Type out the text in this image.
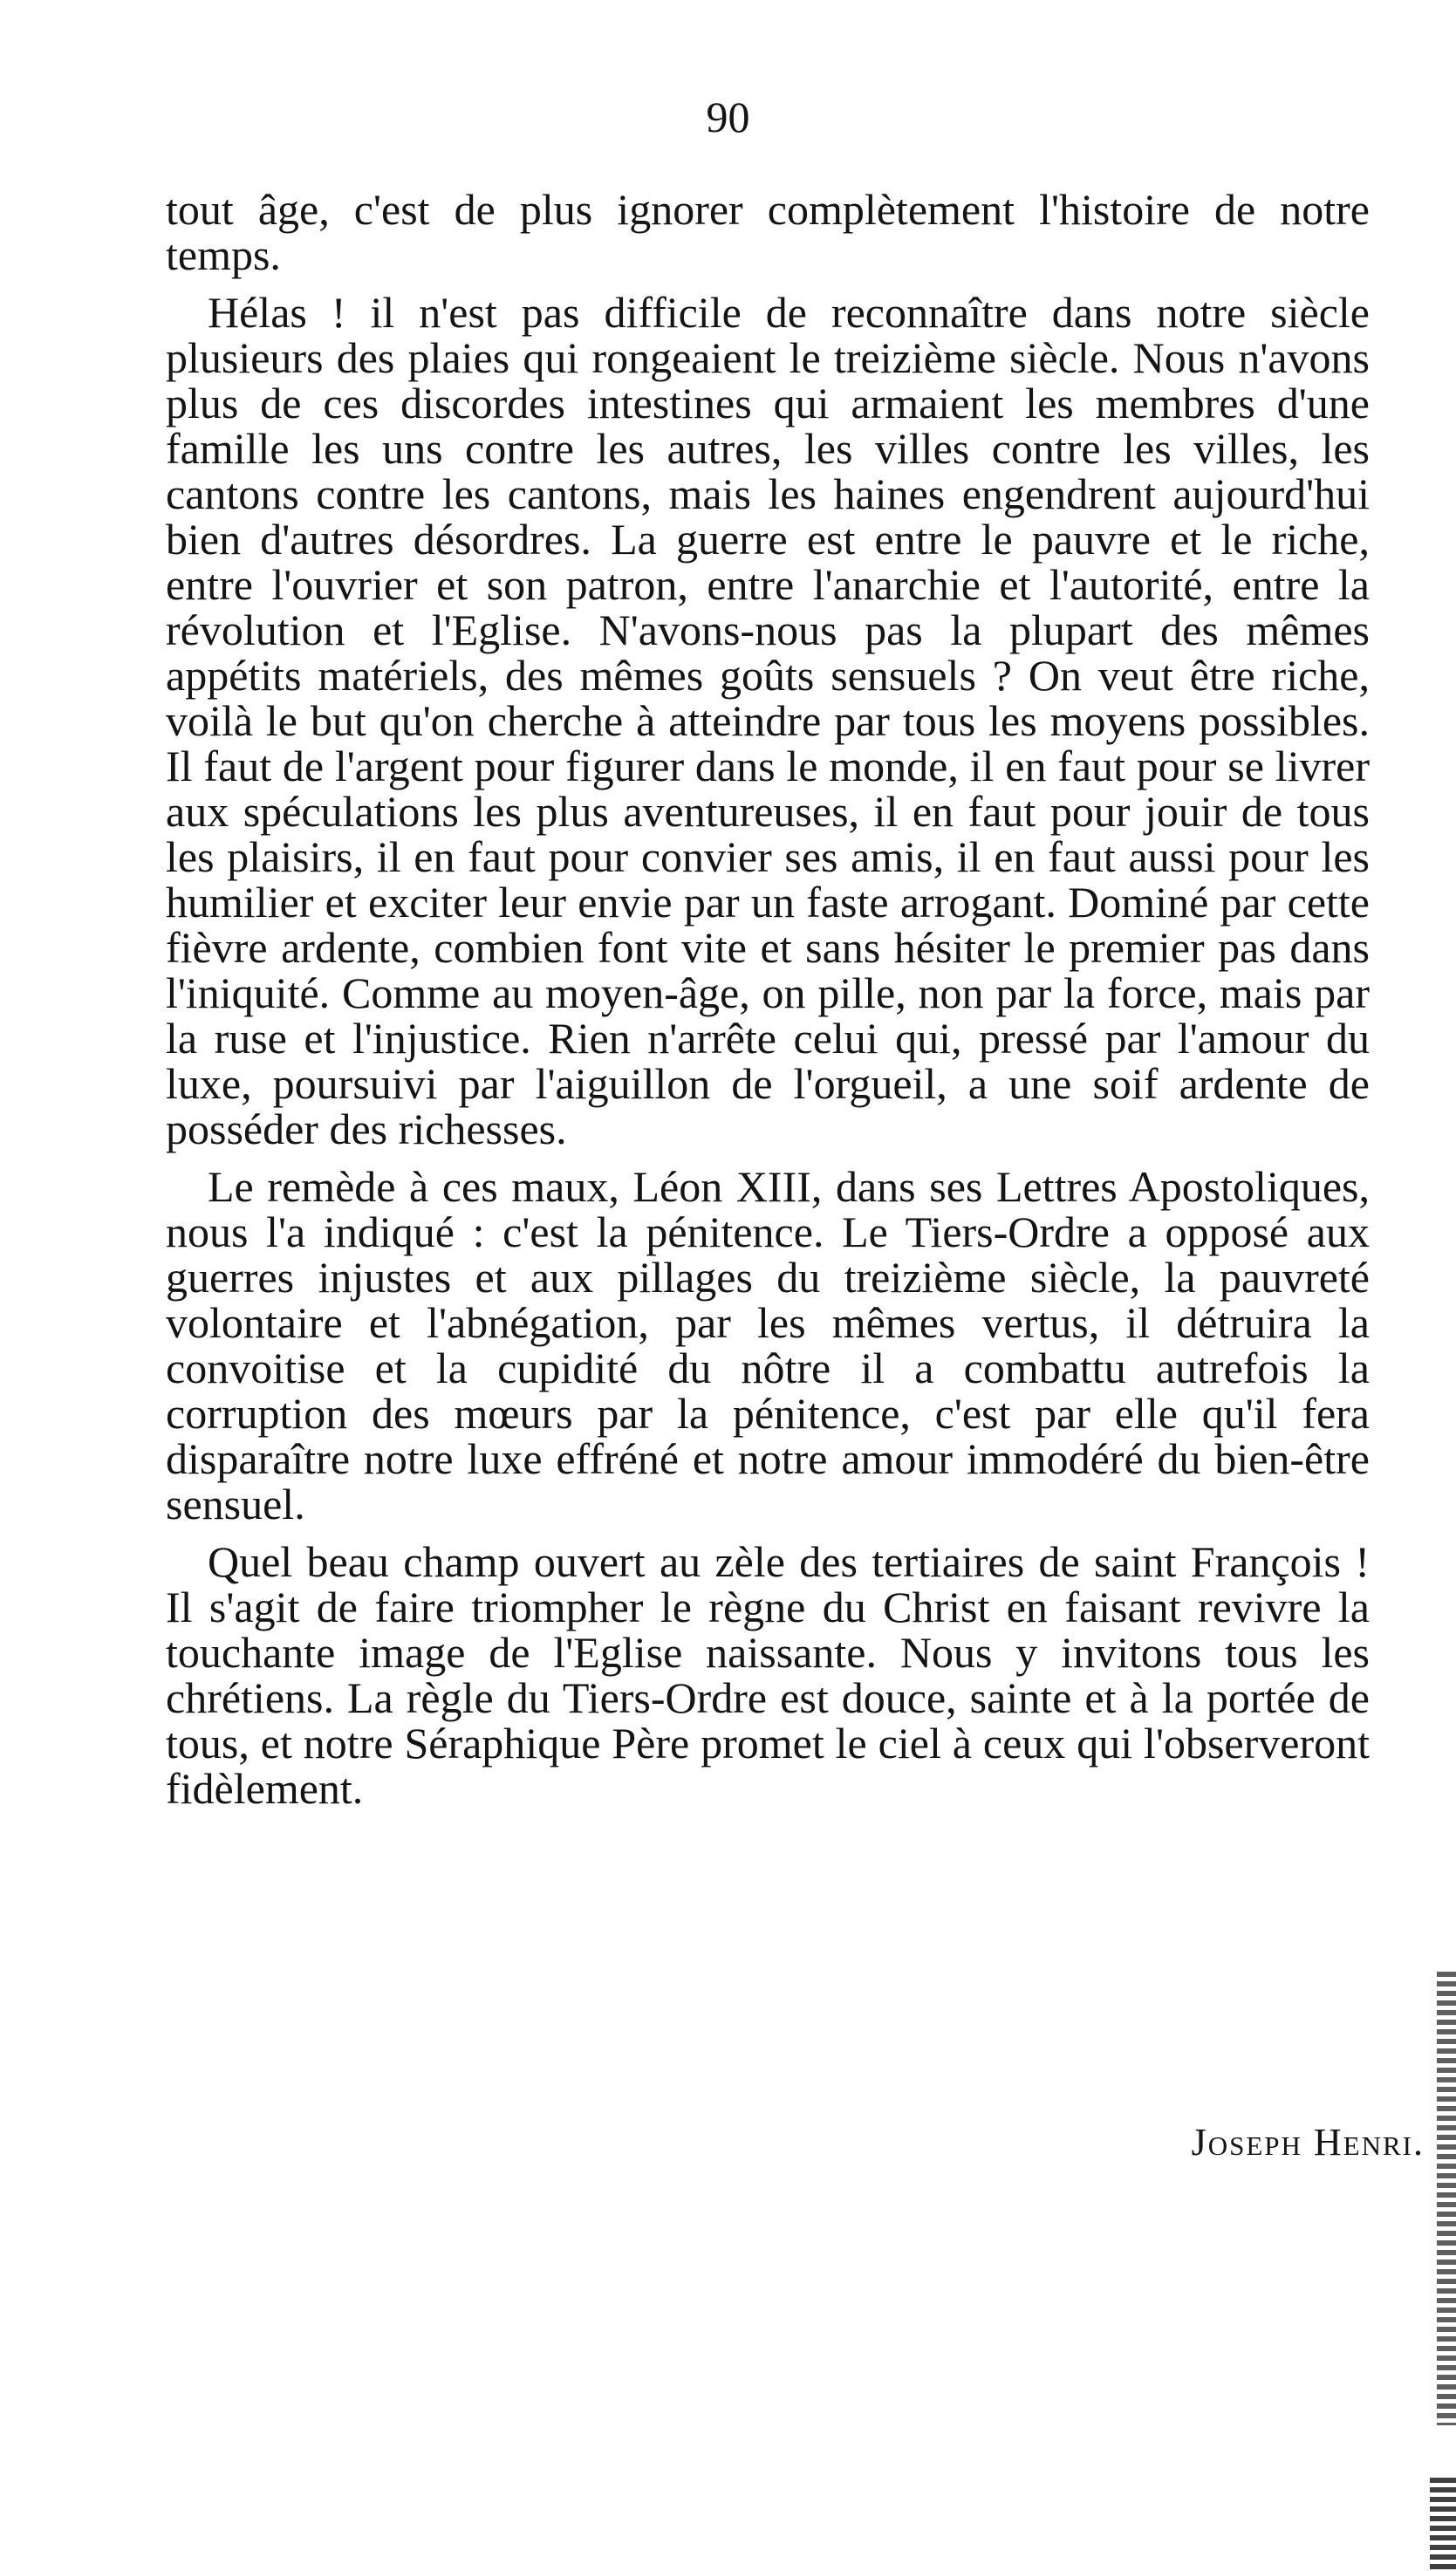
90

tout âge, c'est de plus ignorer complètement l'histoire de notre temps.

Hélas ! il n'est pas difficile de reconnaître dans notre siècle plusieurs des plaies qui rongeaient le treizième siècle. Nous n'avons plus de ces discordes intestines qui armaient les membres d'une famille les uns contre les autres, les villes contre les villes, les cantons contre les cantons, mais les haines engendrent aujourd'hui bien d'autres désordres. La guerre est entre le pauvre et le riche, entre l'ouvrier et son patron, entre l'anarchie et l'autorité, entre la révolution et l'Eglise. N'avons-nous pas la plupart des mêmes appétits matériels, des mêmes goûts sensuels ? On veut être riche, voilà le but qu'on cherche à atteindre par tous les moyens possibles. Il faut de l'argent pour figurer dans le monde, il en faut pour se livrer aux spéculations les plus aventureuses, il en faut pour jouir de tous les plaisirs, il en faut pour convier ses amis, il en faut aussi pour les humilier et exciter leur envie par un faste arrogant. Dominé par cette fièvre ardente, combien font vite et sans hésiter le premier pas dans l'iniquité. Comme au moyen-âge, on pille, non par la force, mais par la ruse et l'injustice. Rien n'arrête celui qui, pressé par l'amour du luxe, poursuivi par l'aiguillon de l'orgueil, a une soif ardente de posséder des richesses.

Le remède à ces maux, Léon XIII, dans ses Lettres Apostoliques, nous l'a indiqué : c'est la pénitence. Le Tiers-Ordre a opposé aux guerres injustes et aux pillages du treizième siècle, la pauvreté volontaire et l'abnégation, par les mêmes vertus, il détruira la convoitise et la cupidité du nôtre il a combattu autrefois la corruption des mœurs par la pénitence, c'est par elle qu'il fera disparaître notre luxe effréné et notre amour immodéré du bien-être sensuel.

Quel beau champ ouvert au zèle des tertiaires de saint François ! Il s'agit de faire triompher le règne du Christ en faisant revivre la touchante image de l'Eglise naissante. Nous y invitons tous les chrétiens. La règle du Tiers-Ordre est douce, sainte et à la portée de tous, et notre Séraphique Père promet le ciel à ceux qui l'observeront fidèlement.

Joseph Henri.
